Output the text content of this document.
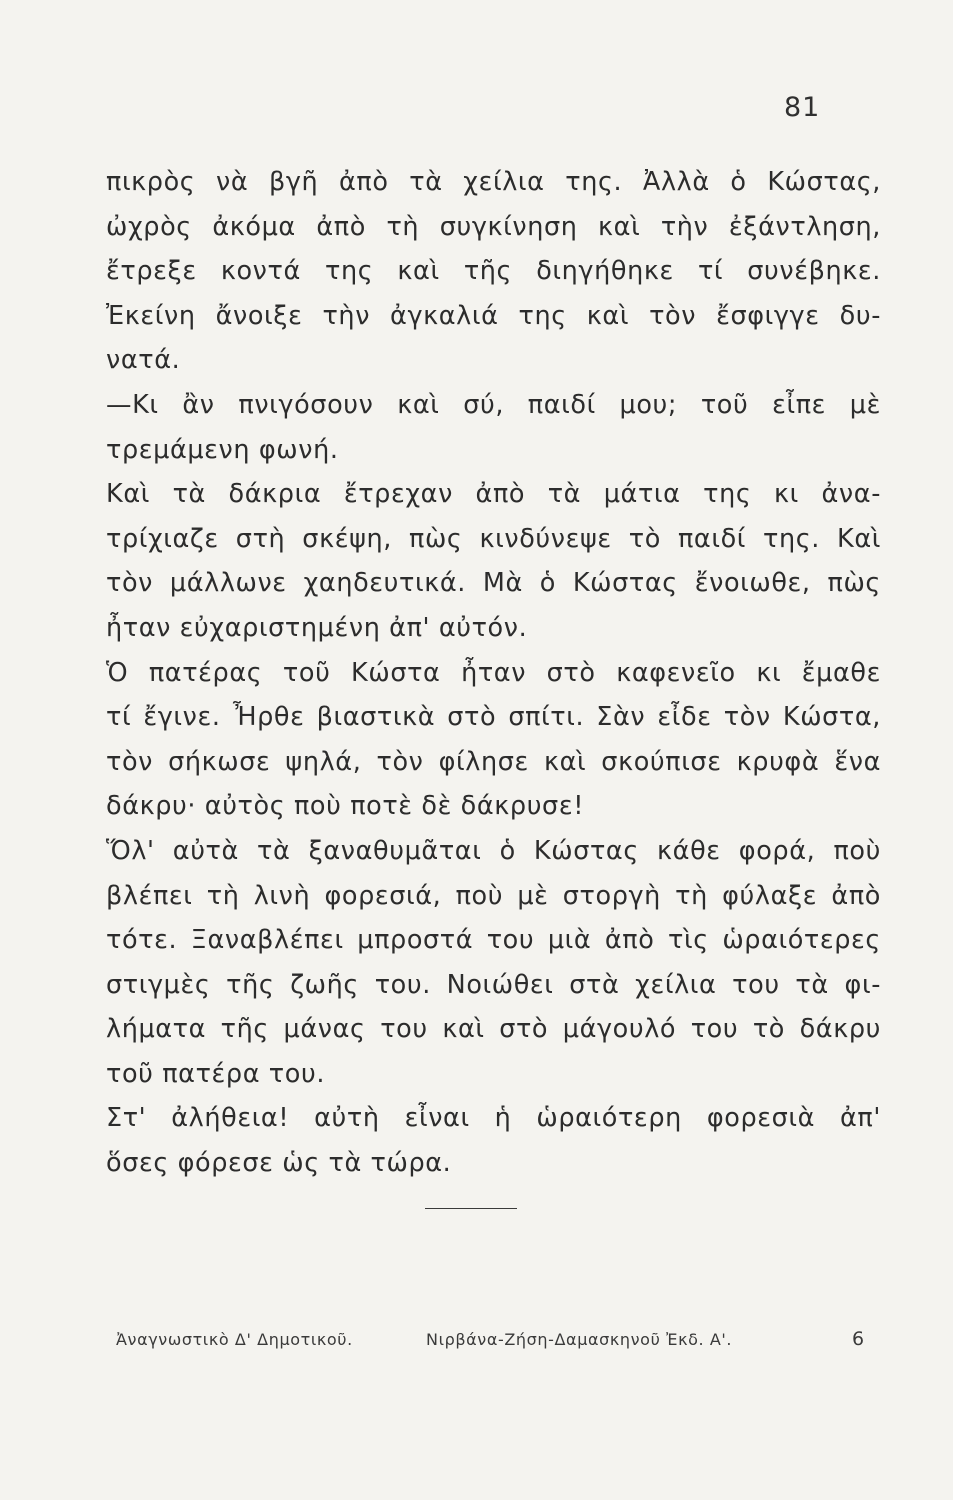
81
πικρὸς νὰ βγῆ ἀπὸ τὰ χείλια της. Ἀλλὰ ὁ Κώστας,
ὠχρὸς ἀκόμα ἀπὸ τὴ συγκίνηση καὶ τὴν ἐξάντληση,
ἔτρεξε κοντά της καὶ τῆς διηγήθηκε τί συνέβηκε.
Ἐκείνη ἄνοιξε τὴν ἀγκαλιά της καὶ τὸν ἔσφιγγε δυ-
νατά.
—Κι ἂν πνιγόσουν καὶ σύ, παιδί μου; τοῦ εἶπε μὲ
τρεμάμενη φωνή.
Καὶ τὰ δάκρια ἔτρεχαν ἀπὸ τὰ μάτια της κι ἀνα-
τρίχιαζε στὴ σκέψη, πὼς κινδύνεψε τὸ παιδί της. Καὶ
τὸν μάλλωνε χαηδευτικά. Μὰ ὁ Κώστας ἔνοιωθε, πὼς
ἦταν εὐχαριστημένη ἀπ' αὐτόν.
Ὁ πατέρας τοῦ Κώστα ἦταν στὸ καφενεῖο κι ἔμαθε
τί ἔγινε. Ἦρθε βιαστικὰ στὸ σπίτι. Σὰν εἶδε τὸν Κώστα,
τὸν σήκωσε ψηλά, τὸν φίλησε καὶ σκούπισε κρυφὰ ἕνα
δάκρυ· αὐτὸς ποὺ ποτὲ δὲ δάκρυσε!
Ὅλ' αὐτὰ τὰ ξαναθυμᾶται ὁ Κώστας κάθε φορά, ποὺ
βλέπει τὴ λινὴ φορεσιά, ποὺ μὲ στοργὴ τὴ φύλαξε ἀπὸ
τότε. Ξαναβλέπει μπροστά του μιὰ ἀπὸ τὶς ὡραιότερες
στιγμὲς τῆς ζωῆς του. Νοιώθει στὰ χείλια του τὰ φι-
λήματα τῆς μάνας του καὶ στὸ μάγουλό του τὸ δάκρυ
τοῦ πατέρα του.
Στ' ἀλήθεια! αὐτὴ εἶναι ἡ ὡραιότερη φορεσιὰ ἀπ'
ὅσες φόρεσε ὡς τὰ τώρα.
Ἀναγνωστικὸ Δ' Δημοτικοῦ.	Νιρβάνα-Ζήση-Δαμασκηνοῦ Ἐκδ. Α'.	6
